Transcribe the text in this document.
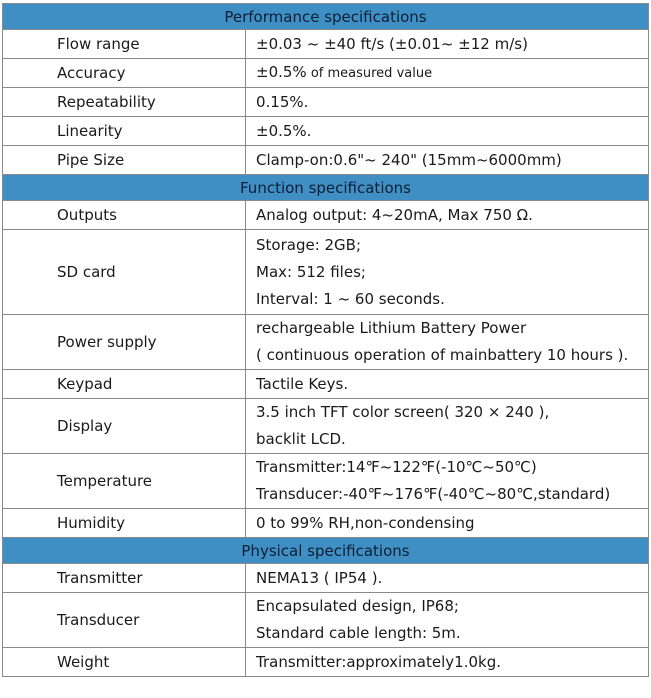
Performance specifications	
Flow range	±0.03 ~ ±40 ft/s (±0.01~ ±12 m/s)

Accuracy	±0.5% of measured value

Repeatability	0.15%.

Linearity	±0.5%.

Pipe Size	Clamp-on:0.6"~ 240" (15mm~6000mm)

Function specifications	
Outputs	Analog output: 4~20mA, Max 750 Ω.

SD card	Storage: 2GB;
Max: 512 files;
Interval: 1 ~ 60 seconds.

Power supply	rechargeable Lithium Battery Power
( continuous operation of mainbattery 10 hours ).

Keypad	Tactile Keys.

Display	3.5 inch TFT color screen( 320 × 240 ),
backlit LCD.

Temperature	Transmitter:14℉~122℉(-10℃~50℃)
Transducer:-40℉~176℉(-40℃~80℃,standard)

Humidity	0 to 99% RH,non-condensing

Physical specifications	
Transmitter	NEMA13 ( IP54 ).

Transducer	Encapsulated design, IP68;
Standard cable length: 5m.

Weight	Transmitter:approximately1.0kg.
